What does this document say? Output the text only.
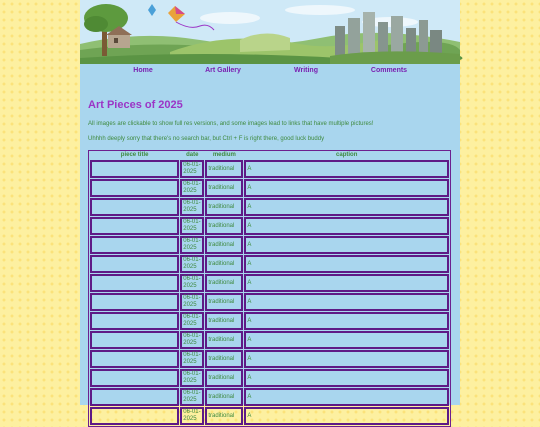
Home	Art Gallery	Writing	Comments
Art Pieces of 2025

All images are clickable to show full res versions, and some images lead to links that have multiple pictures!

Uhhhh deeply sorry that there's no search bar, but Ctrl + F is right there, good luck buddy

piece title	date	medium	caption
	06-01-2025	traditional	A
	06-01-2025	traditional	A
	06-01-2025	traditional	A
	06-01-2025	traditional	A
	06-01-2025	traditional	A
	06-01-2025	traditional	A
	06-01-2025	traditional	A
	06-01-2025	traditional	A
	06-01-2025	traditional	A
	06-01-2025	traditional	A
	06-01-2025	traditional	A
	06-01-2025	traditional	A
	06-01-2025	traditional	A
	06-01-2025	traditional	A
